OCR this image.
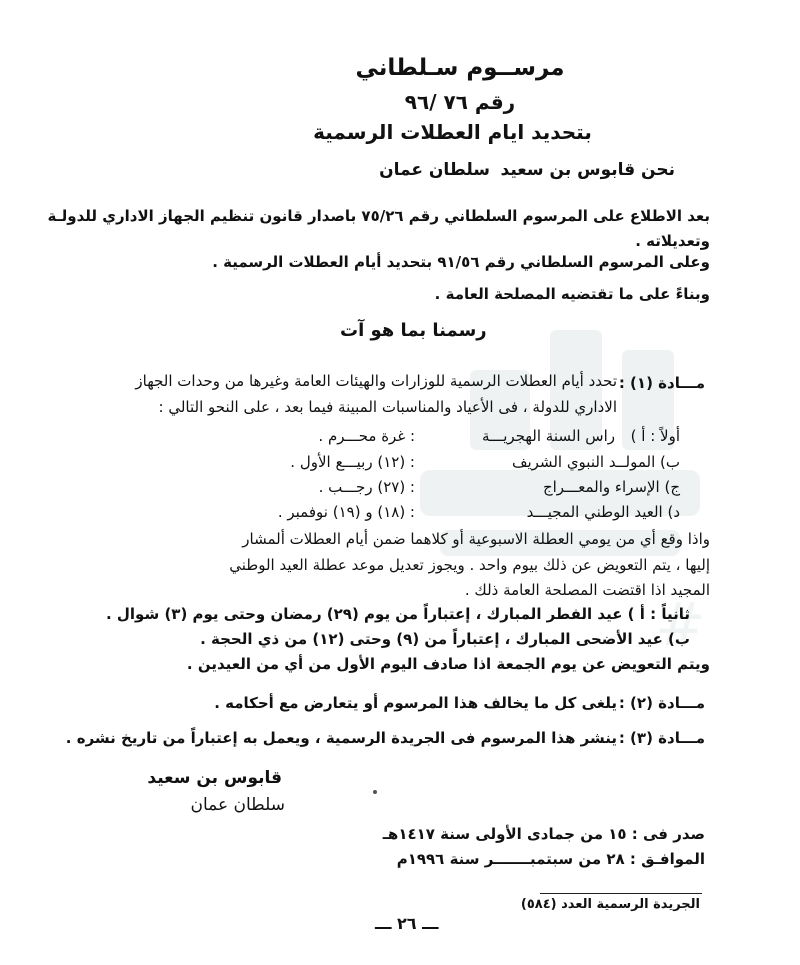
#
مرســوم سـلطاني
رقم ٧٦ /٩٦
بتحديد ايام العطلات الرسمية
نحن قابوس بن سعيد
سلطان عمان
بعد الاطلاع على المرسوم السلطاني رقم ٧٥/٢٦ باصدار قانون تنظيم الجهاز الاداري للدولـة
وتعديلاته .
وعلى المرسوم السلطاني رقم ٩١/٥٦ بتحديد أيام العطلات الرسمية .
وبناءً على ما تقتضيه المصلحة العامة .
رسمنا بما هو آت
مـــادة (١) :
تحدد أيام العطلات الرسمية للوزارات والهيئات العامة وغيرها من وحدات الجهاز
الاداري للدولة ، فى الأعياد والمناسبات المبينة فيما بعد ، على النحو التالي :
أولاً : أ )
راس السنة الهجريـــة
: غرة محـــرم .
ب) المولــد النبوي الشريف
: (١٢) ربيـــع الأول .
ج) الإسراء والمعـــراج
: (٢٧) رجـــب .
د) العيد الوطني المجيـــد
: (١٨) و (١٩) نوفمبر .
واذا وقع أي من يومي العطلة الاسبوعية أو كلاهما ضمن أيام العطلات ألمشار
إليها ، يتم التعويض عن ذلك بيوم واحد . ويجوز تعديل موعد عطلة العيد الوطني
المجيد اذا اقتضت المصلحة العامة ذلك .
ثانياً : أ ) عيد الفطر المبارك ، إعتباراً من يوم (٢٩) رمضان وحتى يوم (٣) شوال .
ب) عيد الأضحى المبارك ، إعتباراً من (٩) وحتى (١٢) من ذي الحجة .
ويتم التعويض عن يوم الجمعة اذا صادف اليوم الأول من أي من العيدين .
مـــادة (٢) :
يلغى كل ما يخالف هذا المرسوم أو يتعارض مع أحكامه .
مـــادة (٣) :
ينشر هذا المرسوم فى الجريدة الرسمية ، ويعمل به إعتباراً من تاريخ نشره .
قابوس بن سعيد
سلطان عمان
صدر فى : ١٥ من جمادى الأولى سنة ١٤١٧هـ
الموافـق : ٢٨ من سبتمبـــــــر سنة ١٩٩٦م
الجريدة الرسمية العدد (٥٨٤)
ـــ ٢٦ ـــ
